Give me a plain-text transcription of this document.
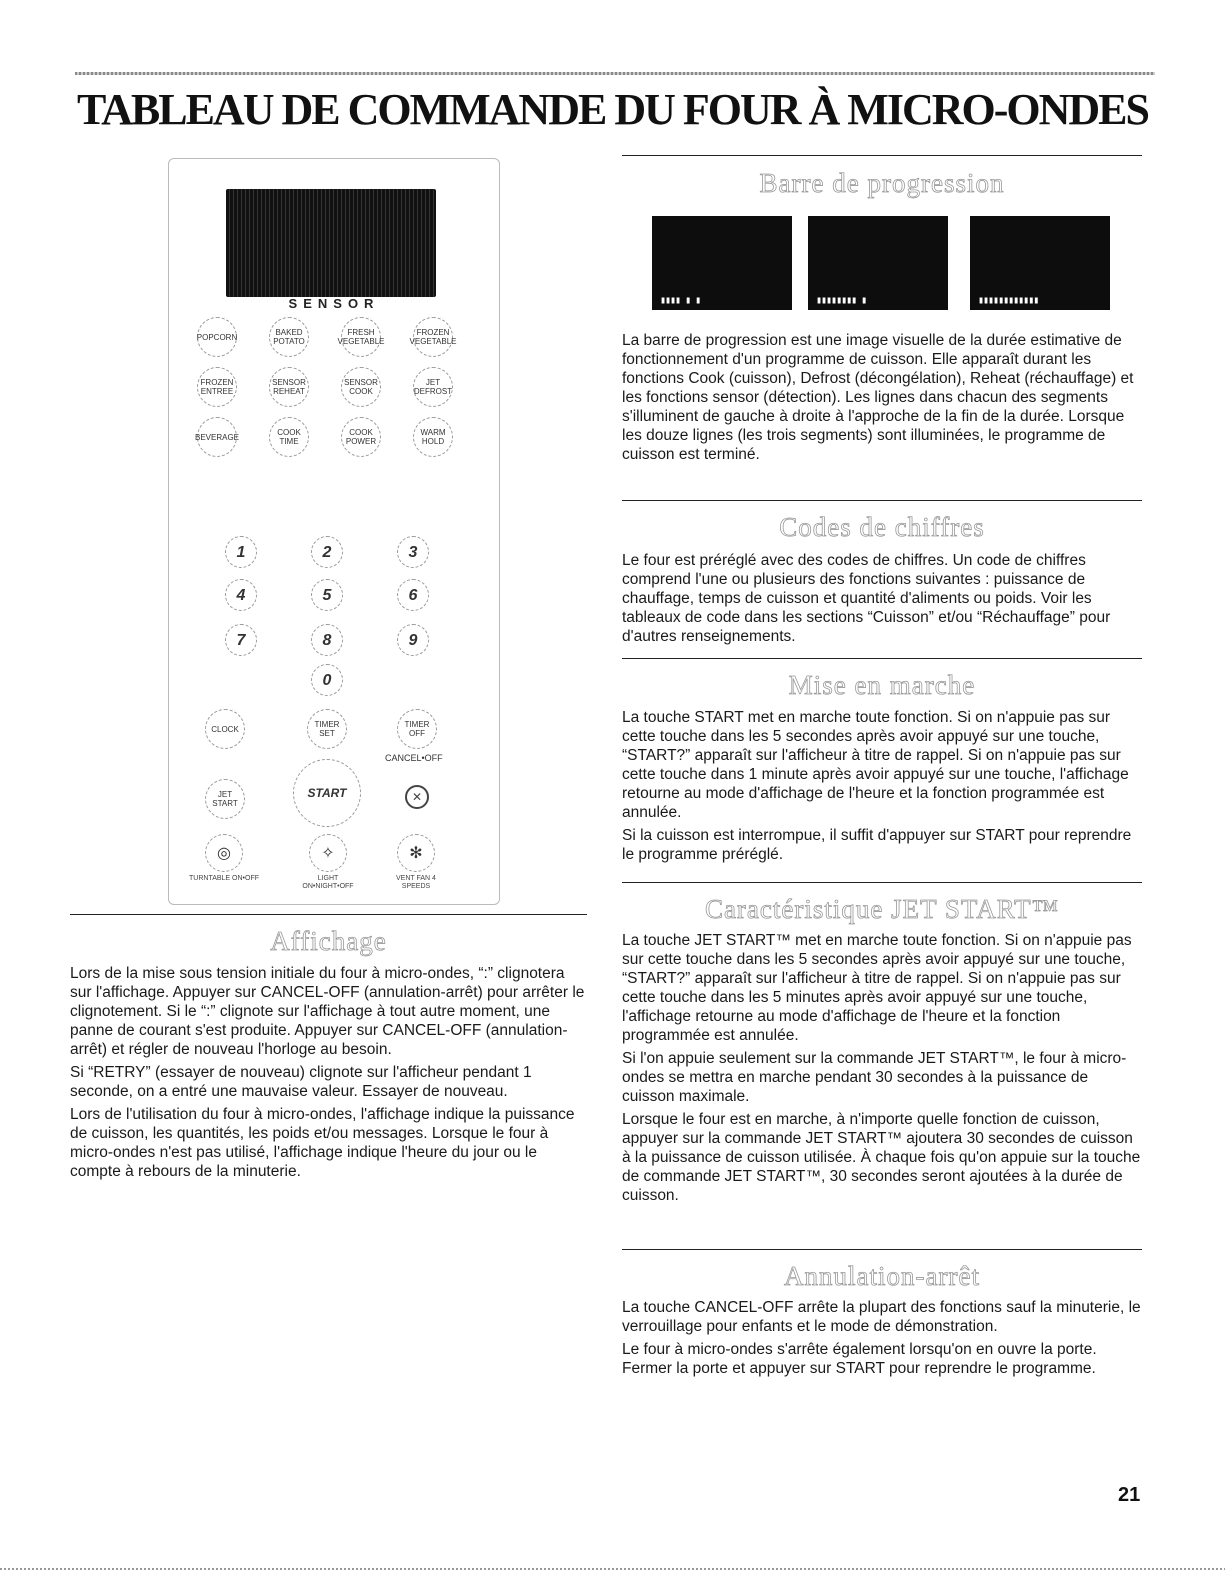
TABLEAU DE COMMANDE DU FOUR À MICRO-ONDES
SENSOR
POPCORN	BAKED POTATO
FRESH VEGETABLE
FROZEN VEGETABLE
FROZEN ENTREE
SENSOR REHEAT
SENSOR COOK
JET DEFROST
BEVERAGE	COOK TIME
COOK POWER
WARM HOLD
1	2	3
4	5	6
7	8	9
0
CLOCK	TIMER SET
TIMER OFF
CANCEL•OFF
JET START
START	✕
◎	✧	✻
TURNTABLE ON•OFF	LIGHT ON•NIGHT•OFF
VENT FAN 4 SPEEDS
Affichage

Lors de la mise sous tension initiale du four à micro-ondes, “:” clignotera sur l'affichage. Appuyer sur CANCEL-OFF (annulation-arrêt) pour arrêter le clignotement. Si le “:” clignote sur l'affichage à tout autre moment, une panne de courant s'est produite. Appuyer sur CANCEL-OFF (annulation-arrêt) et régler de nouveau l'horloge au besoin.

Si “RETRY” (essayer de nouveau) clignote sur l'afficheur pendant 1 seconde, on a entré une mauvaise valeur. Essayer de nouveau.

Lors de l'utilisation du four à micro-ondes, l'affichage indique la puissance de cuisson, les quantités, les poids et/ou messages. Lorsque le four à micro-ondes n'est pas utilisé, l'affichage indique l'heure du jour ou le compte à rebours de la minuterie.

Barre de progression
▮▮▮▮ ▮ ▮	▮▮▮▮▮▮▮▮ ▮	▮▮▮▮▮▮▮▮▮▮▮▮

La barre de progression est une image visuelle de la durée estimative de fonctionnement d'un programme de cuisson. Elle apparaît durant les fonctions Cook (cuisson), Defrost (décongélation), Reheat (réchauffage) et les fonctions sensor (détection). Les lignes dans chacun des segments s'illuminent de gauche à droite à l'approche de la fin de la durée. Lorsque les douze lignes (les trois segments) sont illuminées, le programme de cuisson est terminé.

Codes de chiffres

Le four est préréglé avec des codes de chiffres. Un code de chiffres comprend l'une ou plusieurs des fonctions suivantes : puissance de chauffage, temps de cuisson et quantité d'aliments ou poids. Voir les tableaux de code dans les sections “Cuisson” et/ou “Réchauffage” pour d'autres renseignements.

Mise en marche

La touche START met en marche toute fonction. Si on n'appuie pas sur cette touche dans les 5 secondes après avoir appuyé sur une touche, “START?” apparaît sur l'afficheur à titre de rappel. Si on n'appuie pas sur cette touche dans 1 minute après avoir appuyé sur une touche, l'affichage retourne au mode d'affichage de l'heure et la fonction programmée est annulée.

Si la cuisson est interrompue, il suffit d'appuyer sur START pour reprendre le programme préréglé.

Caractéristique JET START™

La touche JET START™ met en marche toute fonction. Si on n'appuie pas sur cette touche dans les 5 secondes après avoir appuyé sur une touche, “START?” apparaît sur l'afficheur à titre de rappel. Si on n'appuie pas sur cette touche dans les 5 minutes après avoir appuyé sur une touche, l'affichage retourne au mode d'affichage de l'heure et la fonction programmée est annulée.

Si l'on appuie seulement sur la commande JET START™, le four à micro-ondes se mettra en marche pendant 30 secondes à la puissance de cuisson maximale.

Lorsque le four est en marche, à n'importe quelle fonction de cuisson, appuyer sur la commande JET START™ ajoutera 30 secondes de cuisson à la puissance de cuisson utilisée. À chaque fois qu'on appuie sur la touche de commande JET START™, 30 secondes seront ajoutées à la durée de cuisson.

Annulation-arrêt

La touche CANCEL-OFF arrête la plupart des fonctions sauf la minuterie, le verrouillage pour enfants et le mode de démonstration.

Le four à micro-ondes s'arrête également lorsqu'on en ouvre la porte. Fermer la porte et appuyer sur START pour reprendre le programme.

21
